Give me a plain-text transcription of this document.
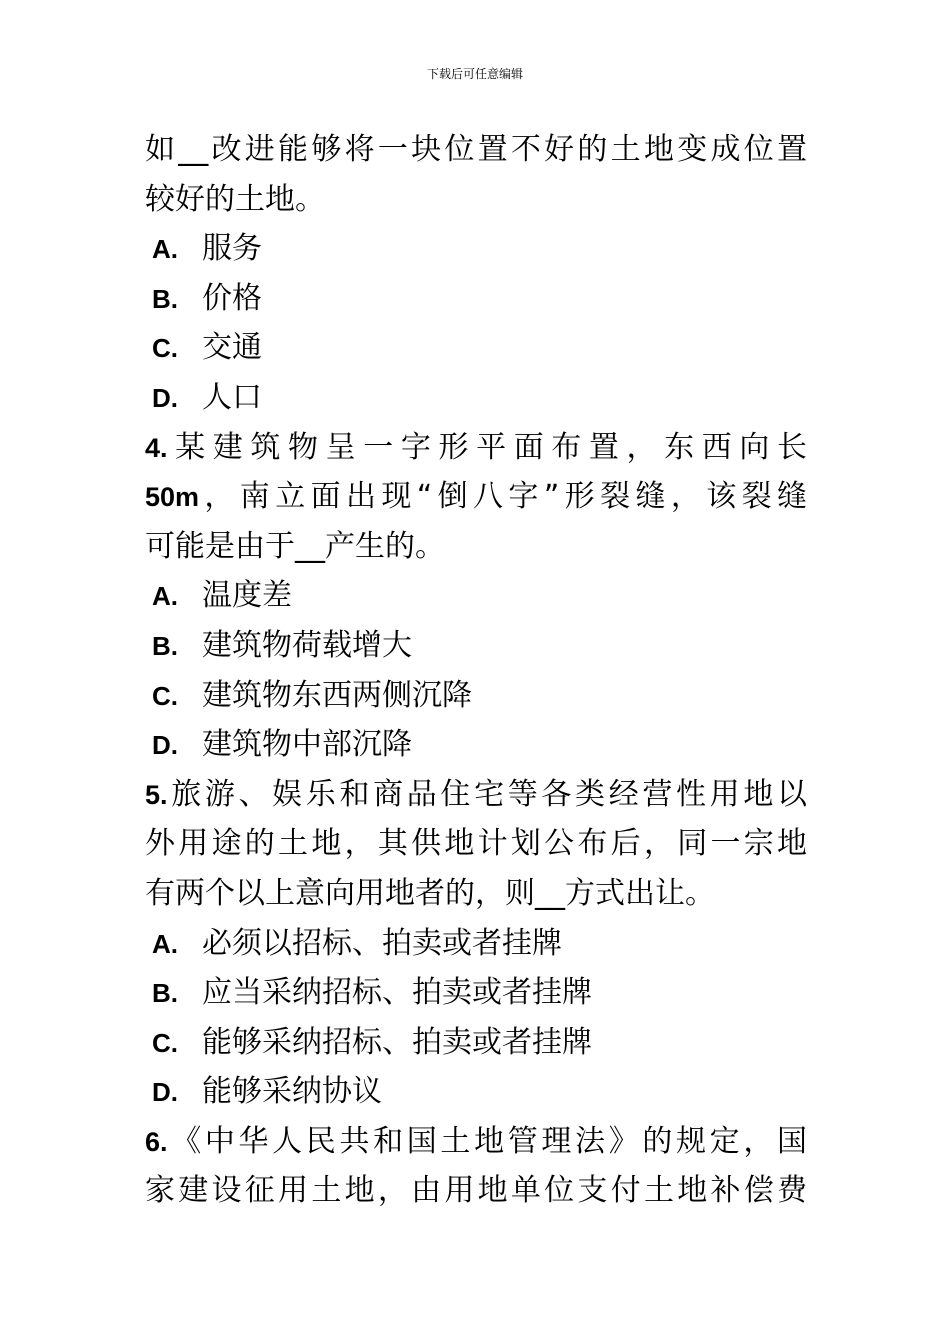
下载后可任意编辑
如__改进能够将一块位置不好的土地变成位置
较好的土地。
A. 服务
B. 价格
C. 交通
D. 人口
4.某建筑物呈一字形平面布置，东西向长
50m，南立面出现“倒八字”形裂缝，该裂缝
可能是由于__产生的。
A. 温度差
B. 建筑物荷载增大
C. 建筑物东西两侧沉降
D. 建筑物中部沉降
5.旅游、娱乐和商品住宅等各类经营性用地以
外用途的土地，其供地计划公布后，同一宗地
有两个以上意向用地者的，则__方式出让。
A. 必须以招标、拍卖或者挂牌
B. 应当采纳招标、拍卖或者挂牌
C. 能够采纳招标、拍卖或者挂牌
D. 能够采纳协议
6.《中华人民共和国土地管理法》的规定，国
家建设征用土地，由用地单位支付土地补偿费
